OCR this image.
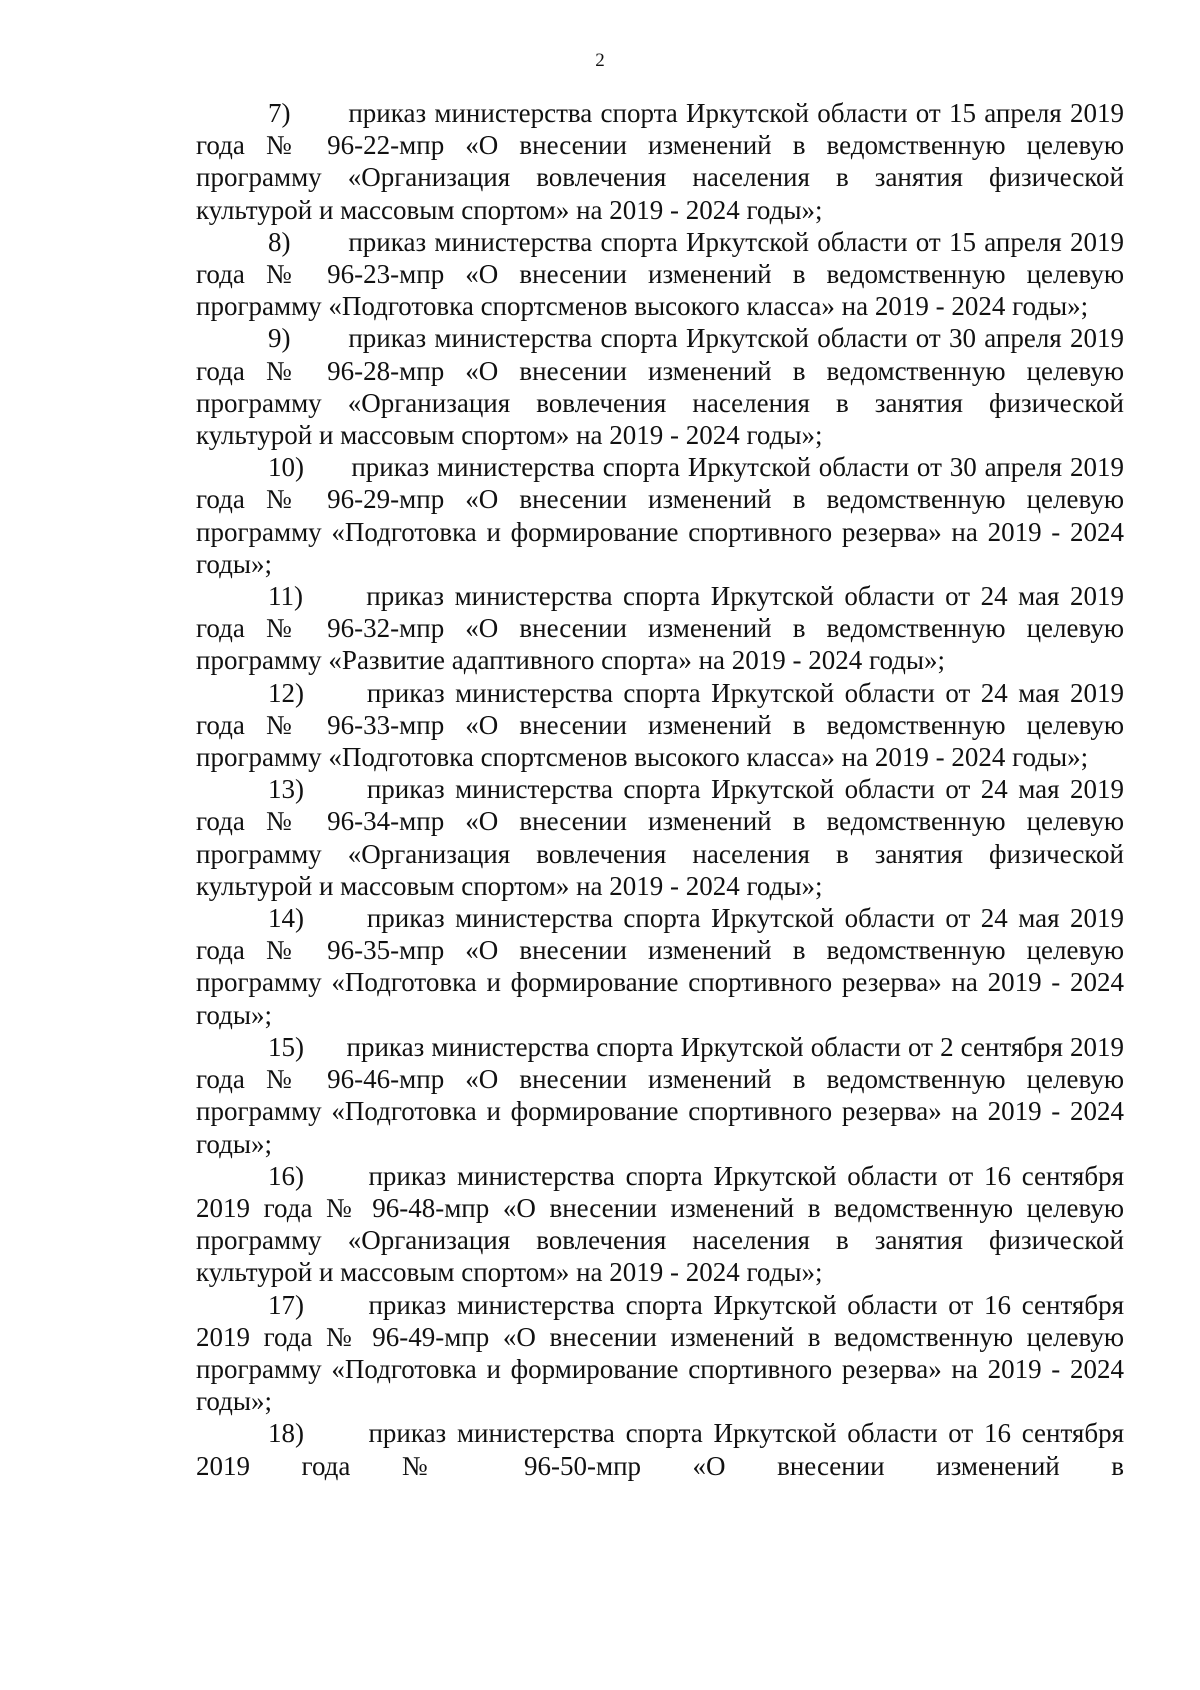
2

7) приказ министерства спорта Иркутской области от 15 апреля 2019 года № 96-22-мпр «О внесении изменений в ведомственную целевую программу «Организация вовлечения населения в занятия физической культурой и массовым спортом» на 2019 - 2024 годы»;

8) приказ министерства спорта Иркутской области от 15 апреля 2019 года № 96-23-мпр «О внесении изменений в ведомственную целевую программу «Подготовка спортсменов высокого класса» на 2019 - 2024 годы»;

9) приказ министерства спорта Иркутской области от 30 апреля 2019 года № 96-28-мпр «О внесении изменений в ведомственную целевую программу «Организация вовлечения населения в занятия физической культурой и массовым спортом» на 2019 - 2024 годы»;

10) приказ министерства спорта Иркутской области от 30 апреля 2019 года № 96-29-мпр «О внесении изменений в ведомственную целевую программу «Подготовка и формирование спортивного резерва» на 2019 - 2024 годы»;

11) приказ министерства спорта Иркутской области от 24 мая 2019 года № 96-32-мпр «О внесении изменений в ведомственную целевую программу «Развитие адаптивного спорта» на 2019 - 2024 годы»;

12) приказ министерства спорта Иркутской области от 24 мая 2019 года № 96-33-мпр «О внесении изменений в ведомственную целевую программу «Подготовка спортсменов высокого класса» на 2019 - 2024 годы»;

13) приказ министерства спорта Иркутской области от 24 мая 2019 года № 96-34-мпр «О внесении изменений в ведомственную целевую программу «Организация вовлечения населения в занятия физической культурой и массовым спортом» на 2019 - 2024 годы»;

14) приказ министерства спорта Иркутской области от 24 мая 2019 года № 96-35-мпр «О внесении изменений в ведомственную целевую программу «Подготовка и формирование спортивного резерва» на 2019 - 2024 годы»;

15) приказ министерства спорта Иркутской области от 2 сентября 2019 года № 96-46-мпр «О внесении изменений в ведомственную целевую программу «Подготовка и формирование спортивного резерва» на 2019 - 2024 годы»;

16) приказ министерства спорта Иркутской области от 16 сентября 2019 года № 96-48-мпр «О внесении изменений в ведомственную целевую программу «Организация вовлечения населения в занятия физической культурой и массовым спортом» на 2019 - 2024 годы»;

17) приказ министерства спорта Иркутской области от 16 сентября 2019 года № 96-49-мпр «О внесении изменений в ведомственную целевую программу «Подготовка и формирование спортивного резерва» на 2019 - 2024 годы»;

18) приказ министерства спорта Иркутской области от 16 сентября 2019 года № 96-50-мпр «О внесении изменений в
